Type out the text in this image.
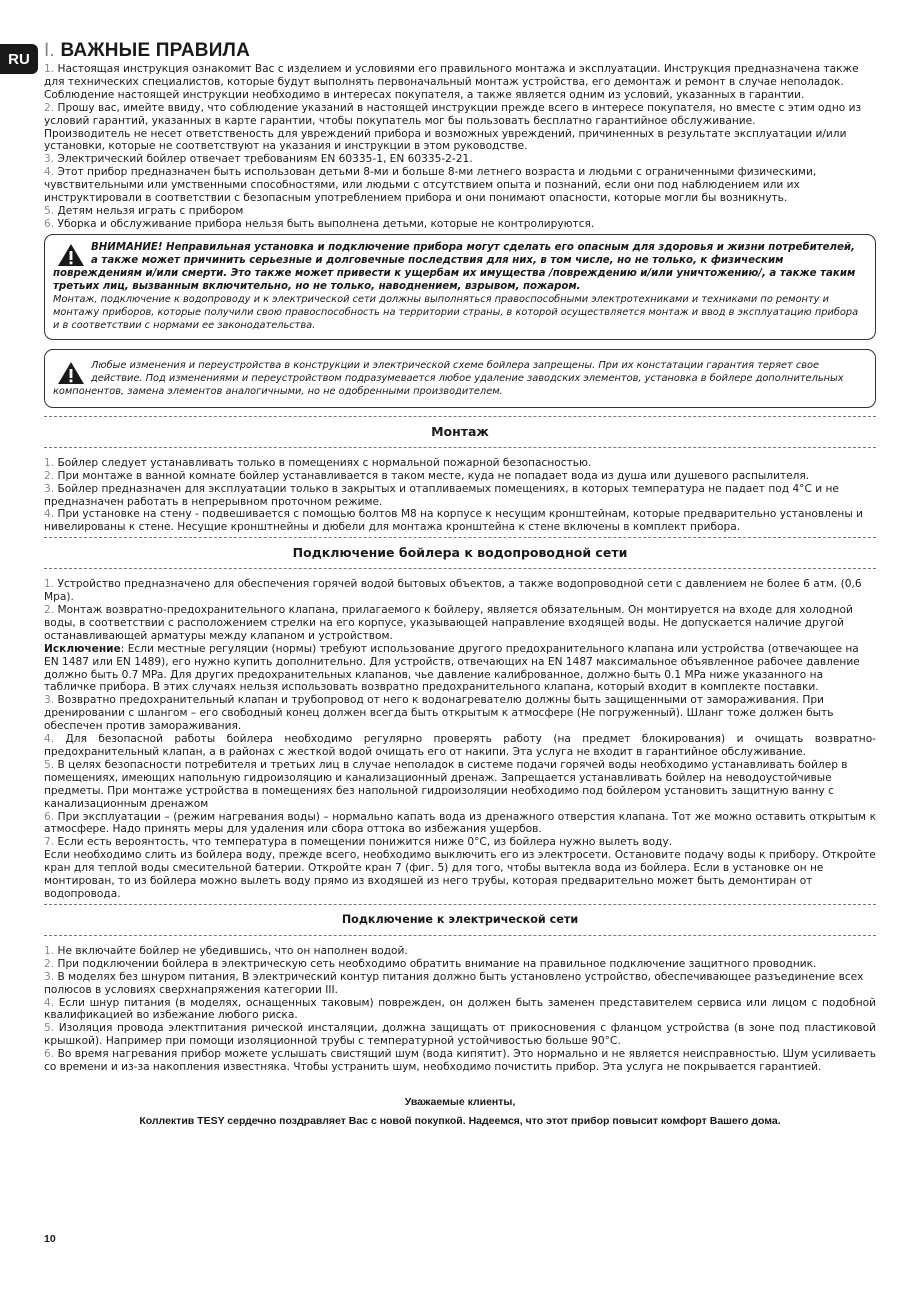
RU I. ВАЖНЫЕ ПРАВИЛА

1. Настоящая инструкция ознакомит Вас с изделием и условиями его правильного монтажа и эксплуатации. Инструкция предназначена также для технических специалистов, которые будут выполнять первоначальный монтаж устройства, его демонтаж и ремонт в случае неполадок.

Соблюдение настоящей инструкции необходимо в интересах покупателя, а также является одним из условий, указанных в гарантии.

2. Прошу вас, имейте ввиду, что соблюдение указаний в настоящей инструкции прежде всего в интересе покупателя, но вместе с этим одно из условий гарантий, указанных в карте гарантии, чтобы покупатель мог бы пользовать бесплатно гарантийное обслуживание.

Производитель не несет ответственость для увреждений прибора и возможных увреждений, причиненных в результате эксплуатации и/или установки, которые не соответствуют на указания и инструкции в этом руководстве.

3. Электрический бойлер отвечает требованиям EN 60335-1, EN 60335-2-21.

4. Этот прибор предназначен быть использован детьми 8-ми и больше 8-ми летнего возраста и людьми с ограниченными физическими, чувствительными или умственными способностями, или людьми с отсутствием опыта и познаний, если они под наблюдением или их инструктировали в соответствии с безопасным употреблением прибора и они понимают опасности, которые могли бы возникнуть.

5. Детям нельзя играть с прибором

6. Уборка и обслуживание прибора нельзя быть выполнена детьми, которые не контролируются.

ВНИМАНИЕ! Неправильная установка и подключение прибора могут сделать его опасным для здоровья и жизни потребителей, а также может причинить серьезные и долговечные последствия для них, в том числе, но не только, к физическим повреждениям и/или смерти. Это также может привести к ущербам их имущества /повреждению и/или уничтожению/, а также таким третьих лиц, вызванным включительно, но не только, наводнением, взрывом, пожаром.
Монтаж, подключение к водопроводу и к электрической сети должны выполняться правоспособными электротехниками и техниками по ремонту и монтажу приборов, которые получили свою правоспособность на территории страны, в которой осуществляется монтаж и ввод в эксплуатацию прибора и в соответствии с нормами ее законодательства.
Любые изменения и переустройства в конструкции и электрической схеме бойлера запрещены. При их констатации гарантия теряет свое действие. Под изменениями и переустройством подразумевается любое удаление заводских элементов, установка в бойлере дополнительных компонентов, замена элементов аналогичными, но не одобренными производителем.
Монтаж

1. Бойлер следует устанавливать только в помещениях с нормальной пожарной безопасностью.

2. При монтаже в ванной комнате бойлер устанавливается в таком месте, куда не попадает вода из душа или душевого распылителя.

3. Бойлер предназначен для эксплуатации только в закрытых и отапливаемых помещениях, в которых температура не падает под 4°C и не предназначен работать в непрерывном проточном режиме.

4. При установке на стену - подвешивается с помощью болтов М8 на корпусе к несущим кронштейнам, которые предварительно установлены и нивелированы к стене. Несущие кронштнейны и дюбели для монтажа кронштейна к стене включены в комплект прибора.

Подключение бойлера к водопроводной сети

1. Устройство предназначено для обеспечения горячей водой бытовых объектов, а также водопроводной сети с давлением не более 6 атм. (0,6 Mpa).

2. Монтаж возвратно-предохранительного клапана, прилагаемого к бойлеру, является обязательным. Он монтируется на входе для холодной воды, в соответствии с расположением стрелки на его корпусе, указывающей направление входящей воды. Не допускается наличие другой останавливающей арматуры между клапаном и устройством.

Исключение: Если местные регуляции (нормы) требуют использование другого предохранительного клапана или устройства (отвечающее на EN 1487 или EN 1489), его нужно купить дополнительно. Для устройств, отвечающих на EN 1487 максимальное объявленное рабочее давление должно быть 0.7 MPa. Для других предохранительных клапанов, чье давление калиброванное, должно быть 0.1 MPa ниже указанного на табличке прибора. В этих случаях нельзя использовать возвратно предохранительного клапана, который входит в комплекте поставки.

3. Возвратно предохранительный клапан и трубопровод от него к водонагревателю должны быть защищенными от замораживания. При дренировании с шлангом – его свободный конец должен всегда быть открытым к атмосфере (Не погруженный). Шланг тоже должен быть обеспечен против замораживания.

4. Для безопасной работы бойлера необходимо регулярно проверять работу (на предмет блокирования) и очищать возвратно-предохранительный клапан, а в районах с жесткой водой очищать его от накипи. Эта услуга не входит в гарантийное обслуживание.

5. В целях безопасности потребителя и третьих лиц в случае неполадок в системе подачи горячей воды необходимо устанавливать бойлер в помещениях, имеющих напольную гидроизоляцию и канализационный дренаж. Запрещается устанавливать бойлер на неводоустойчивые предметы. При монтаже устройства в помещениях без напольной гидроизоляции необходимо под бойлером установить защитную ванну с канализационным дренажом

6. При эксплуатации – (режим нагревания воды) – нормально капать вода из дренажного отверстия клапана. Тот же можно оставить открытым к атмосфере. Надо принять меры для удаления или сбора оттока во избежания ущербов.

7. Если есть вероянтость, что температура в помещении понижится ниже 0°C, из бойлера нужно вылеть воду.

Если необходимо слить из бойлера воду, прежде всего, необходимо выключить его из электросети. Остановите подачу воды к прибору. Откройте кран для теплой воды смесительной батерии. Откройте кран 7 (фиг. 5) для того, чтобы вытекла вода из бойлера. Если в установке он не монтирован, то из бойлера можно вылеть воду прямо из входяшей из него трубы, которая предварительно может быть демонтиран от водопровода.

Подключение к электрической сети

1. Не включайте бойлер не убедившись, что он наполнен водой.

2. При подключении бойлера в электрическую сеть необходимо обратить внимание на правильное подключение защитного проводник.

3. В моделях без шнуром питания, В электрический контур питания должно быть установлено устройство, обеспечивающее разъединение всех полюсов в условиях сверхнапряжения категории III.

4. Если шнур питания (в моделях, оснащенных таковым) поврежден, он должен быть заменен представителем сервиса или лицом с подобной квалификацией во избежание любого риска.

5. Изоляция провода электпитания рической инсталяции, должна защищать от прикосновения с фланцом устройства (в зоне под пластиковой крышкой). Например при помощи изоляционной трубы с температурной устойчивостью больше 90°C.

6. Во время нагревания прибор можете услышать свистящий шум (вода кипятит). Это нормально и не является неисправностью. Шум усиливаеть со времени и из-за накопления известняка. Чтобы устранить шум, необходимо почистить прибор. Эта услуга не покрывается гарантией.

Уважаемые клиенты,
Коллектив TESY сердечно поздравляет Вас с новой покупкой. Надеемся, что этот прибор повысит комфорт Вашего дома.
10
